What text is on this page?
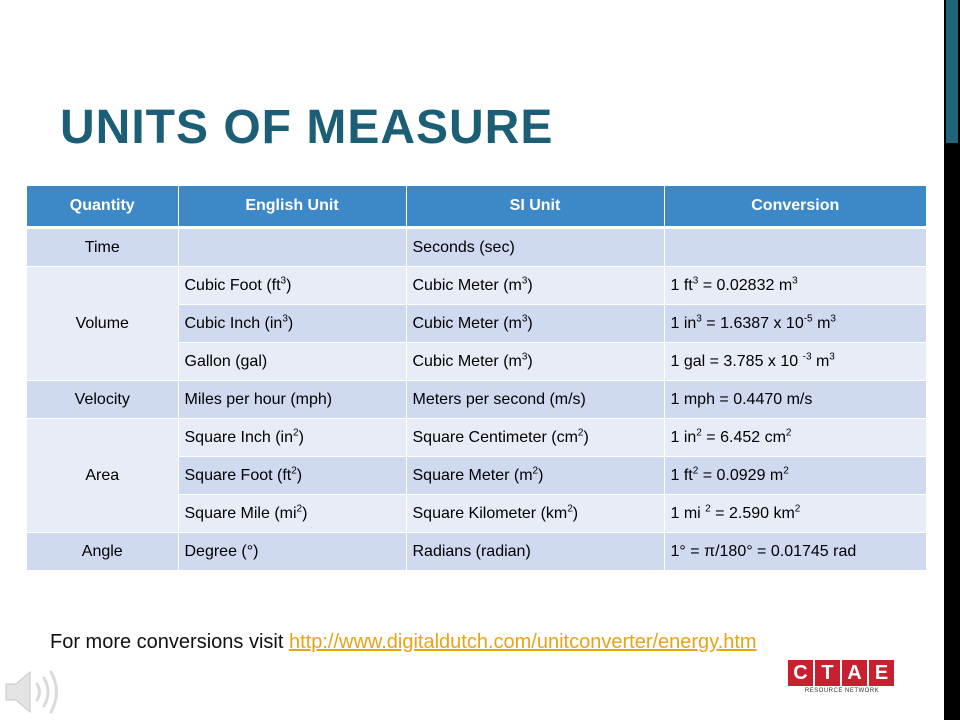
UNITS OF MEASURE
Quantity	English Unit	SI Unit	Conversion
Time		Seconds (sec)	
Volume	Cubic Foot $(ft^3)$	Cubic Meter $(m^3)$	1 $ft^3 = 0.02832$ $m^3$
	Cubic Inch $(in^3)$	Cubic Meter $(m^3)$	1 $in^3 = 1.6387$ x $10^{-5}$ $m^3$
	Gallon (gal)	Cubic Meter $(m^3)$	1 gal = 3.785 x 10 $^{-3}$ $m^3$
Velocity	Miles per hour (mph)	Meters per second (m/s)	1 mph = 0.4470 m/s
Area	Square Inch $(in^2)$	Square Centimeter $(cm^2)$	1 $in^2 = 6.452$ $cm^2$
	Square Foot $(ft^2)$	Square Meter $(m^2)$	1 $ft^2 = 0.0929$ $m^2$
	Square Mile $(mi^2)$	Square Kilometer $(km^2)$	1 mi $^2$ = 2.590 $km^2$
Angle	Degree (°)	Radians (radian)	1° = π/180° = 0.01745 rad
For more conversions visit http://www.digitaldutch.com/unitconverter/energy.htm
C T A E
RESOURCE NETWORK
